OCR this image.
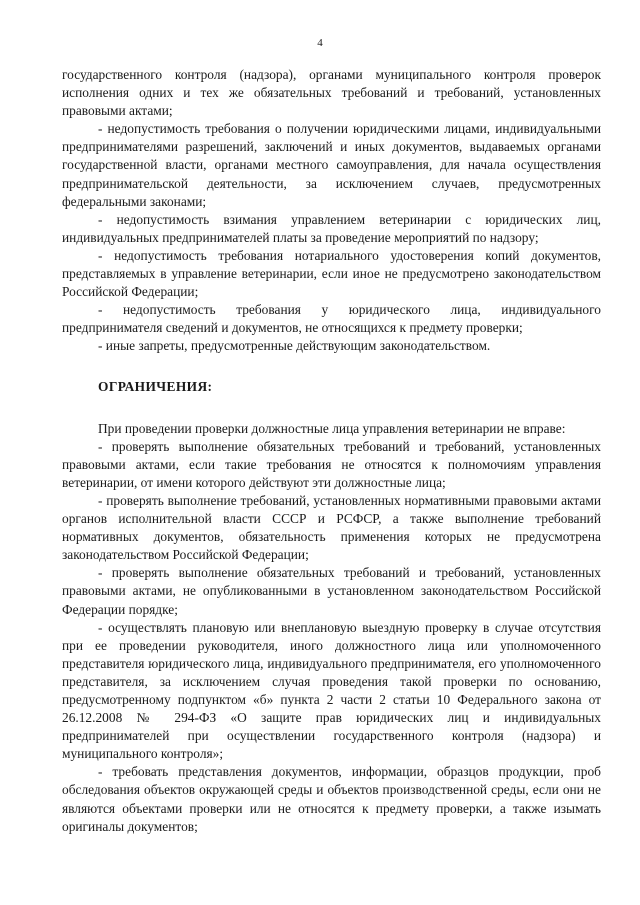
4

государственного контроля (надзора), органами муниципального контроля проверок исполнения одних и тех же обязательных требований и требований, установленных правовыми актами;

- недопустимость требования о получении юридическими лицами, индивидуальными предпринимателями разрешений, заключений и иных документов, выдаваемых органами государственной власти, органами местного самоуправления, для начала осуществления предпринимательской деятельности, за исключением случаев, предусмотренных федеральными законами;

- недопустимость взимания управлением ветеринарии с юридических лиц, индивидуальных предпринимателей платы за проведение мероприятий по надзору;

- недопустимость требования нотариального удостоверения копий документов, представляемых в управление ветеринарии, если иное не предусмотрено законодательством Российской Федерации;

- недопустимость требования у юридического лица, индивидуального предпринимателя сведений и документов, не относящихся к предмету проверки;

- иные запреты, предусмотренные действующим законодательством.

ОГРАНИЧЕНИЯ:

При проведении проверки должностные лица управления ветеринарии не вправе:

- проверять выполнение обязательных требований и требований, установленных правовыми актами, если такие требования не относятся к полномочиям управления ветеринарии, от имени которого действуют эти должностные лица;

- проверять выполнение требований, установленных нормативными правовыми актами органов исполнительной власти СССР и РСФСР, а также выполнение требований нормативных документов, обязательность применения которых не предусмотрена законодательством Российской Федерации;

- проверять выполнение обязательных требований и требований, установленных правовыми актами, не опубликованными в установленном законодательством Российской Федерации порядке;

- осуществлять плановую или внеплановую выездную проверку в случае отсутствия при ее проведении руководителя, иного должностного лица или уполномоченного представителя юридического лица, индивидуального предпринимателя, его уполномоченного представителя, за исключением случая проведения такой проверки по основанию, предусмотренному подпунктом «б» пункта 2 части 2 статьи 10 Федерального закона от 26.12.2008 № 294-ФЗ «О защите прав юридических лиц и индивидуальных предпринимателей при осуществлении государственного контроля (надзора) и муниципального контроля»;

- требовать представления документов, информации, образцов продукции, проб обследования объектов окружающей среды и объектов производственной среды, если они не являются объектами проверки или не относятся к предмету проверки, а также изымать оригиналы документов;
